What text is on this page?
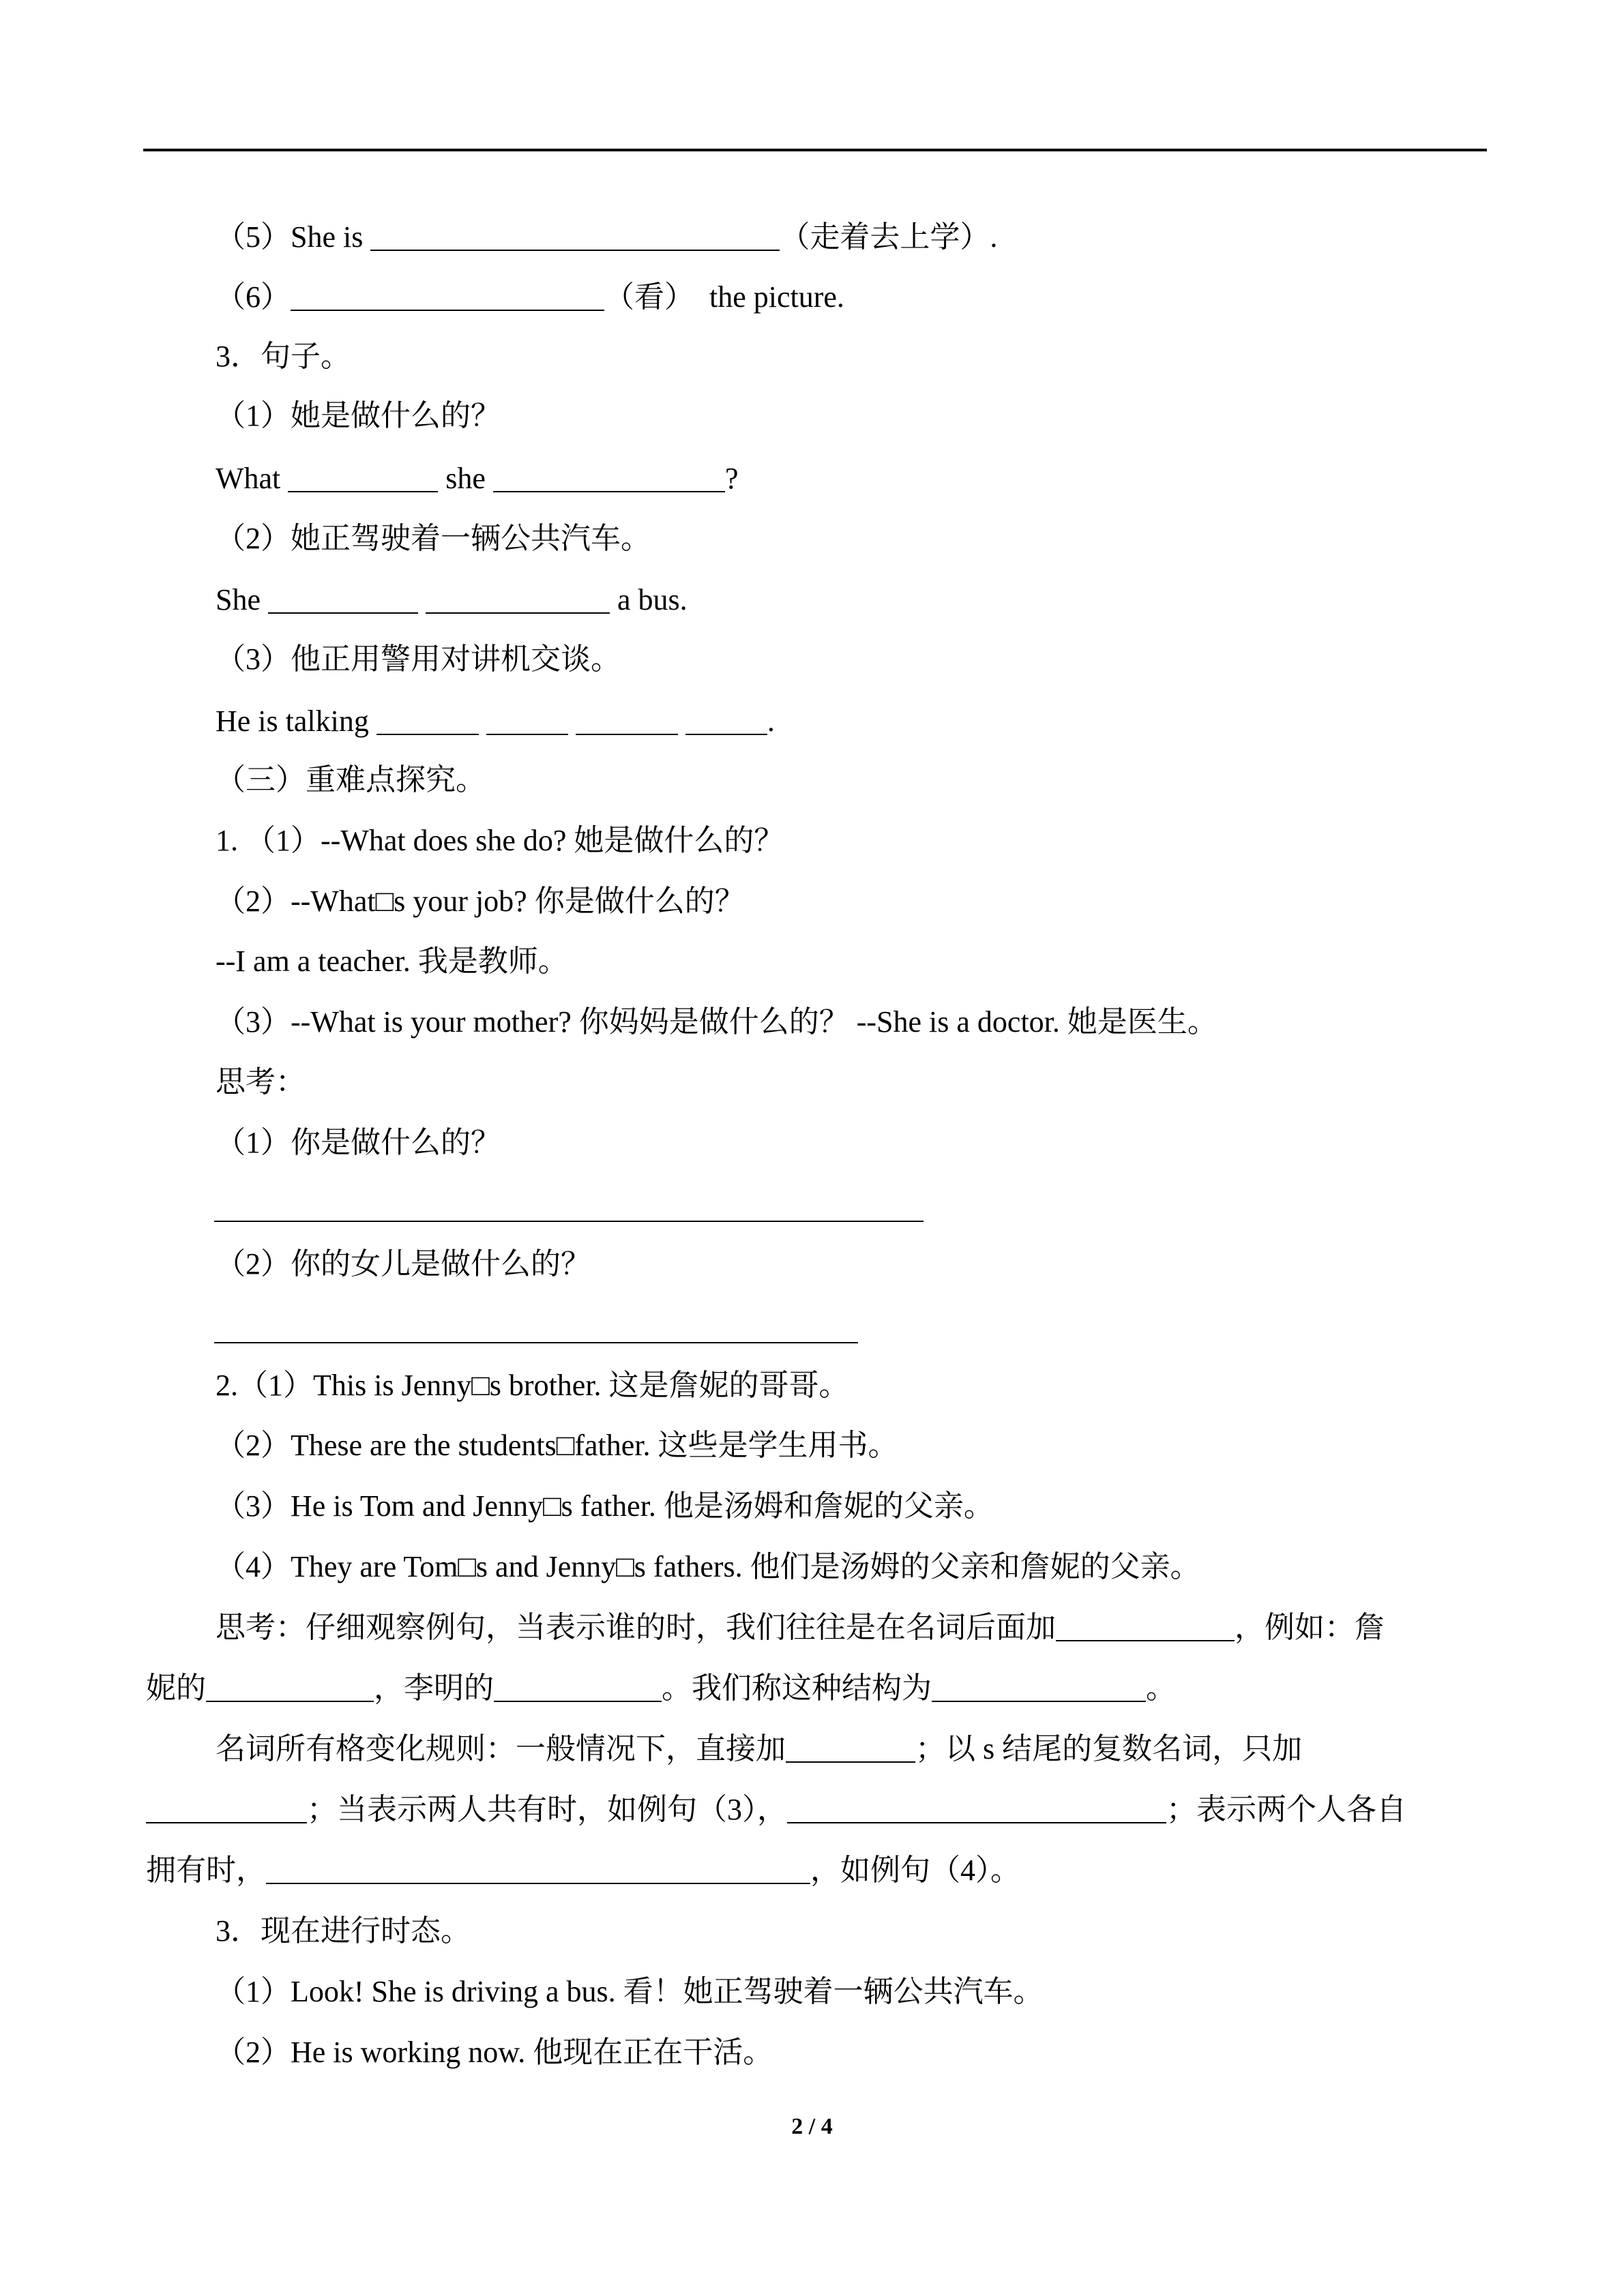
（5）She is	（走着去上学）.
（6）	（看） the picture.
3．句子。
（1）她是做什么的？
What	she	?
（2）她正驾驶着一辆公共汽车。
She	a bus.
（3）他正用警用对讲机交谈。
He is talking	.
（三）重难点探究。
1. （1）--What does she do? 她是做什么的？
（2）--What□s your job? 你是做什么的？
--I am a teacher. 我是教师。
（3）--What is your mother? 你妈妈是做什么的？ --She is a doctor. 她是医生。
思考：
（1）你是做什么的？
（2）你的女儿是做什么的？
2.（1）This is Jenny□s brother. 这是詹妮的哥哥。
（2）These are the students□father. 这些是学生用书。
（3）He is Tom and Jenny□s father. 他是汤姆和詹妮的父亲。
（4）They are Tom□s and Jenny□s fathers. 他们是汤姆的父亲和詹妮的父亲。
思考：仔细观察例句，当表示谁的时，我们往往是在名词后面加	，例如：詹
妮的	，李明的	。我们称这种结构为	。
名词所有格变化规则：一般情况下，直接加	；以 s 结尾的复数名词，只加
；当表示两人共有时，如例句（3），	；表示两个人各自
拥有时，	，如例句（4）。
3．现在进行时态。
（1）Look! She is driving a bus. 看！她正驾驶着一辆公共汽车。
（2）He is working now. 他现在正在干活。
2 / 4
